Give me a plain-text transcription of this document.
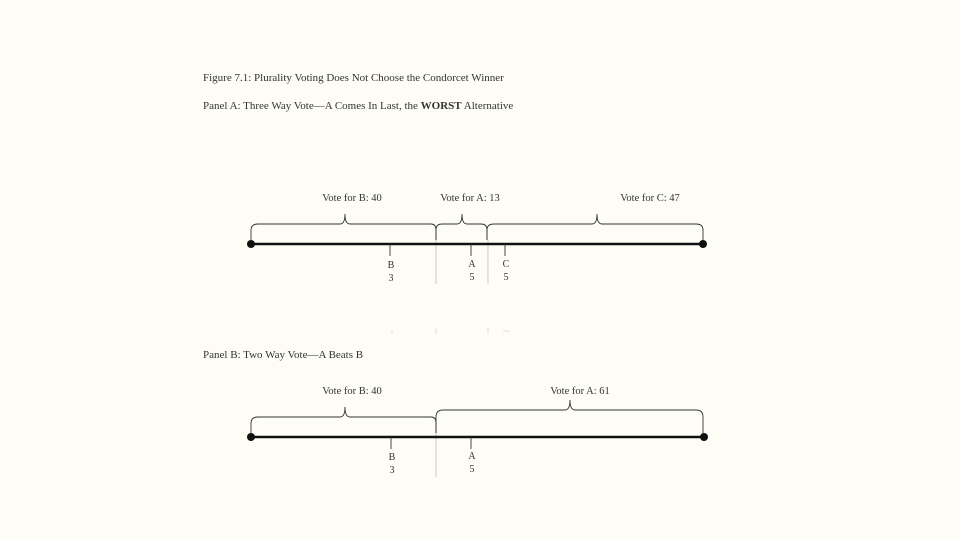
Figure 7.1: Plurality Voting Does Not Choose the Condorcet Winner

Panel A: Three Way Vote—A Comes In Last, the WORST Alternative

Panel B: Two Way Vote—A Beats B

Vote for B: 40	Vote for A: 13	Vote for C: 47
B
3
A
5
C
5
Vote for B: 40	Vote for A: 61
B
3
A
5
